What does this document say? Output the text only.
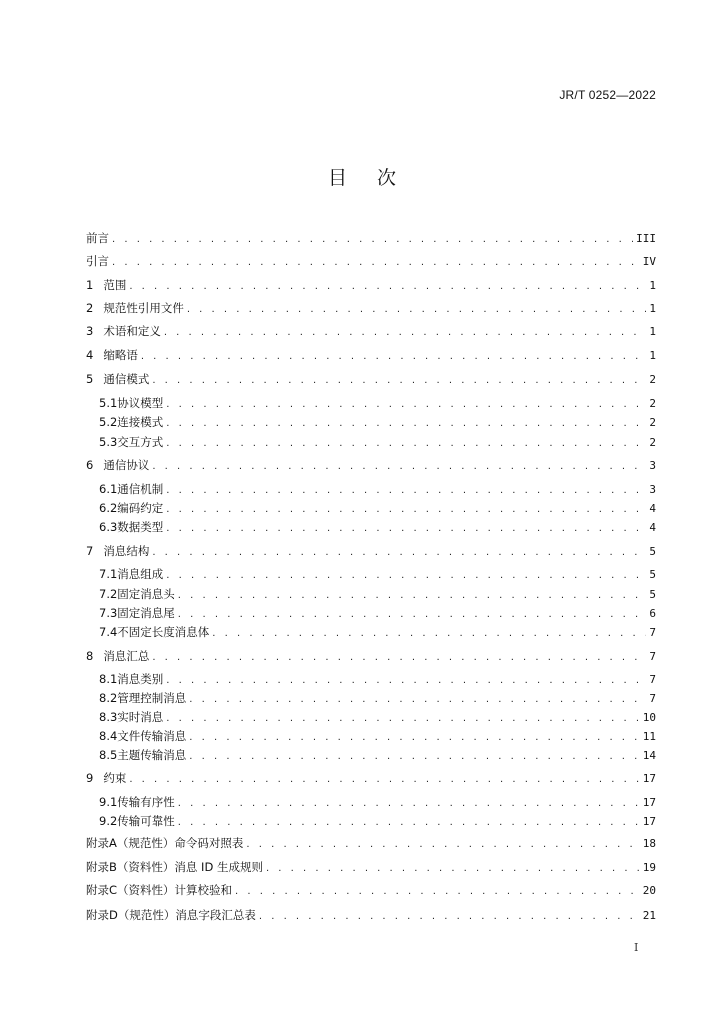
JR/T 0252—2022
目次
前言 . . .	III
引言 . . .	IV
1 范围 . . .	1
2 规范性引用文件 . . .	1
3 术语和定义 . . .	1
4 缩略语 . . .	1
5 通信模式 . . .	2
5.1 协议模型 . . .	2
5.2 连接模式 . . .	2
5.3 交互方式 . . .	2
6 通信协议 . . .	3
6.1 通信机制 . . .	3
6.2 编码约定 . . .	4
6.3 数据类型 . . .	4
7 消息结构 . . .	5
7.1 消息组成 . . .	5
7.2 固定消息头 . . .	5
7.3 固定消息尾 . . .	6
7.4 不固定长度消息体 . . .	7
8 消息汇总 . . .	7
8.1 消息类别 . . .	7
8.2 管理控制消息 . . .	7
8.3 实时消息 . . .	10
8.4 文件传输消息 . . .	11
8.5 主题传输消息 . . .	14
9 约束 . . .	17
9.1 传输有序性 . . .	17
9.2 传输可靠性 . . .	17
附录A（规范性） 命令码对照表 . . .	18
附录B（资料性） 消息 ID 生成规则 . . .	19
附录C（资料性） 计算校验和 . . .	20
附录D（规范性） 消息字段汇总表 . . .	21
I
